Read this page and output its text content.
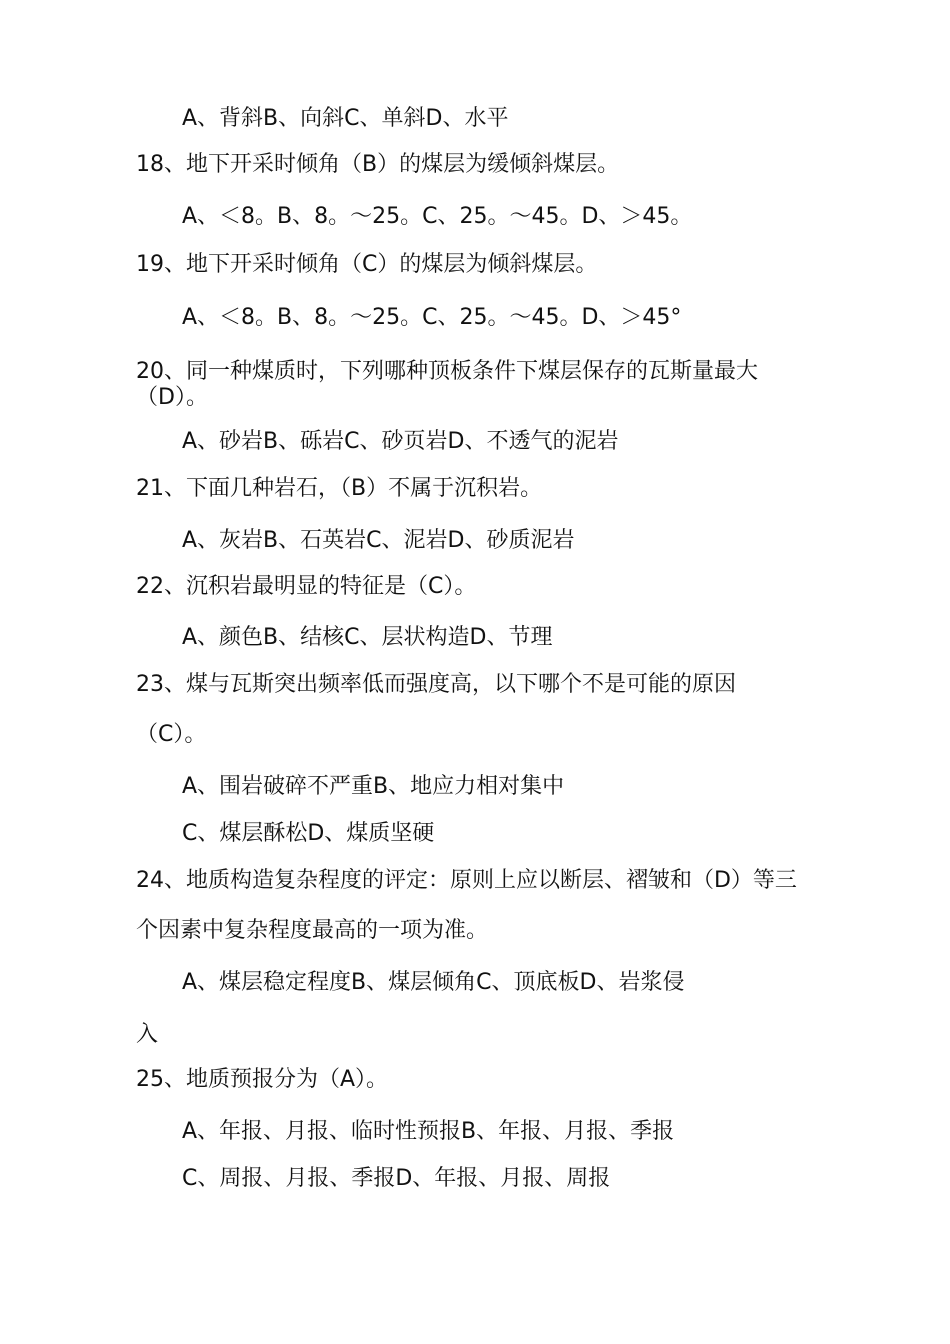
A、背斜B、向斜C、单斜D、水平
18、地下开采时倾角（B）的煤层为缓倾斜煤层。
A、＜8。B、8。〜25。C、25。〜45。D、＞45。
19、地下开采时倾角（C）的煤层为倾斜煤层。
A、＜8。B、8。〜25。C、25。〜45。D、＞45°
20、同一种煤质时，下列哪种顶板条件下煤层保存的瓦斯量最大
（D）。
A、砂岩B、砾岩C、砂页岩D、不透气的泥岩
21、下面几种岩石，（B）不属于沉积岩。
A、灰岩B、石英岩C、泥岩D、砂质泥岩
22、沉积岩最明显的特征是（C）。
A、颜色B、结核C、层状构造D、节理
23、煤与瓦斯突出频率低而强度高，以下哪个不是可能的原因
（C）。
A、围岩破碎不严重B、地应力相对集中
C、煤层酥松D、煤质坚硬
24、地质构造复杂程度的评定：原则上应以断层、褶皱和（D）等三
个因素中复杂程度最高的一项为准。
A、煤层稳定程度B、煤层倾角C、顶底板D、岩浆侵
入
25、地质预报分为（A）。
A、年报、月报、临时性预报B、年报、月报、季报
C、周报、月报、季报D、年报、月报、周报
